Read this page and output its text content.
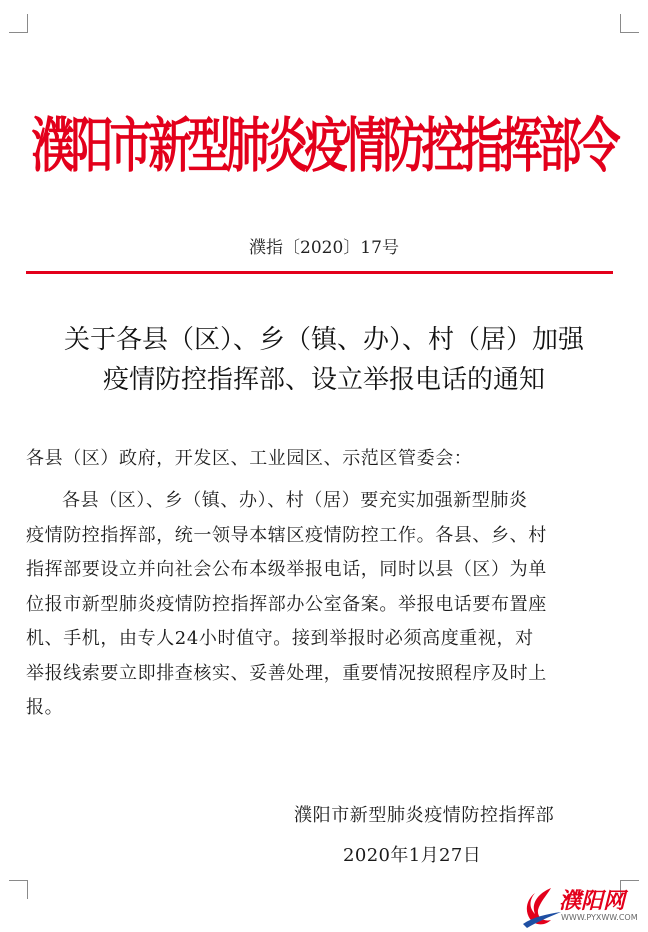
濮阳市新型肺炎疫情防控指挥部令
濮指〔2020〕17号
关于各县（区）、乡（镇、办）、村（居）加强
疫情防控指挥部、设立举报电话的通知
各县（区）政府，开发区、工业园区、示范区管委会：
各县（区）、乡（镇、办）、村（居）要充实加强新型肺炎
疫情防控指挥部，统一领导本辖区疫情防控工作。各县、乡、村
指挥部要设立并向社会公布本级举报电话，同时以县（区）为单
位报市新型肺炎疫情防控指挥部办公室备案。举报电话要布置座
机、手机，由专人24小时值守。接到举报时必须高度重视，对
举报线索要立即排查核实、妥善处理，重要情况按照程序及时上
报。
濮阳市新型肺炎疫情防控指挥部
2020年1月27日
濮阳网
WWW.PYXWW.COM
